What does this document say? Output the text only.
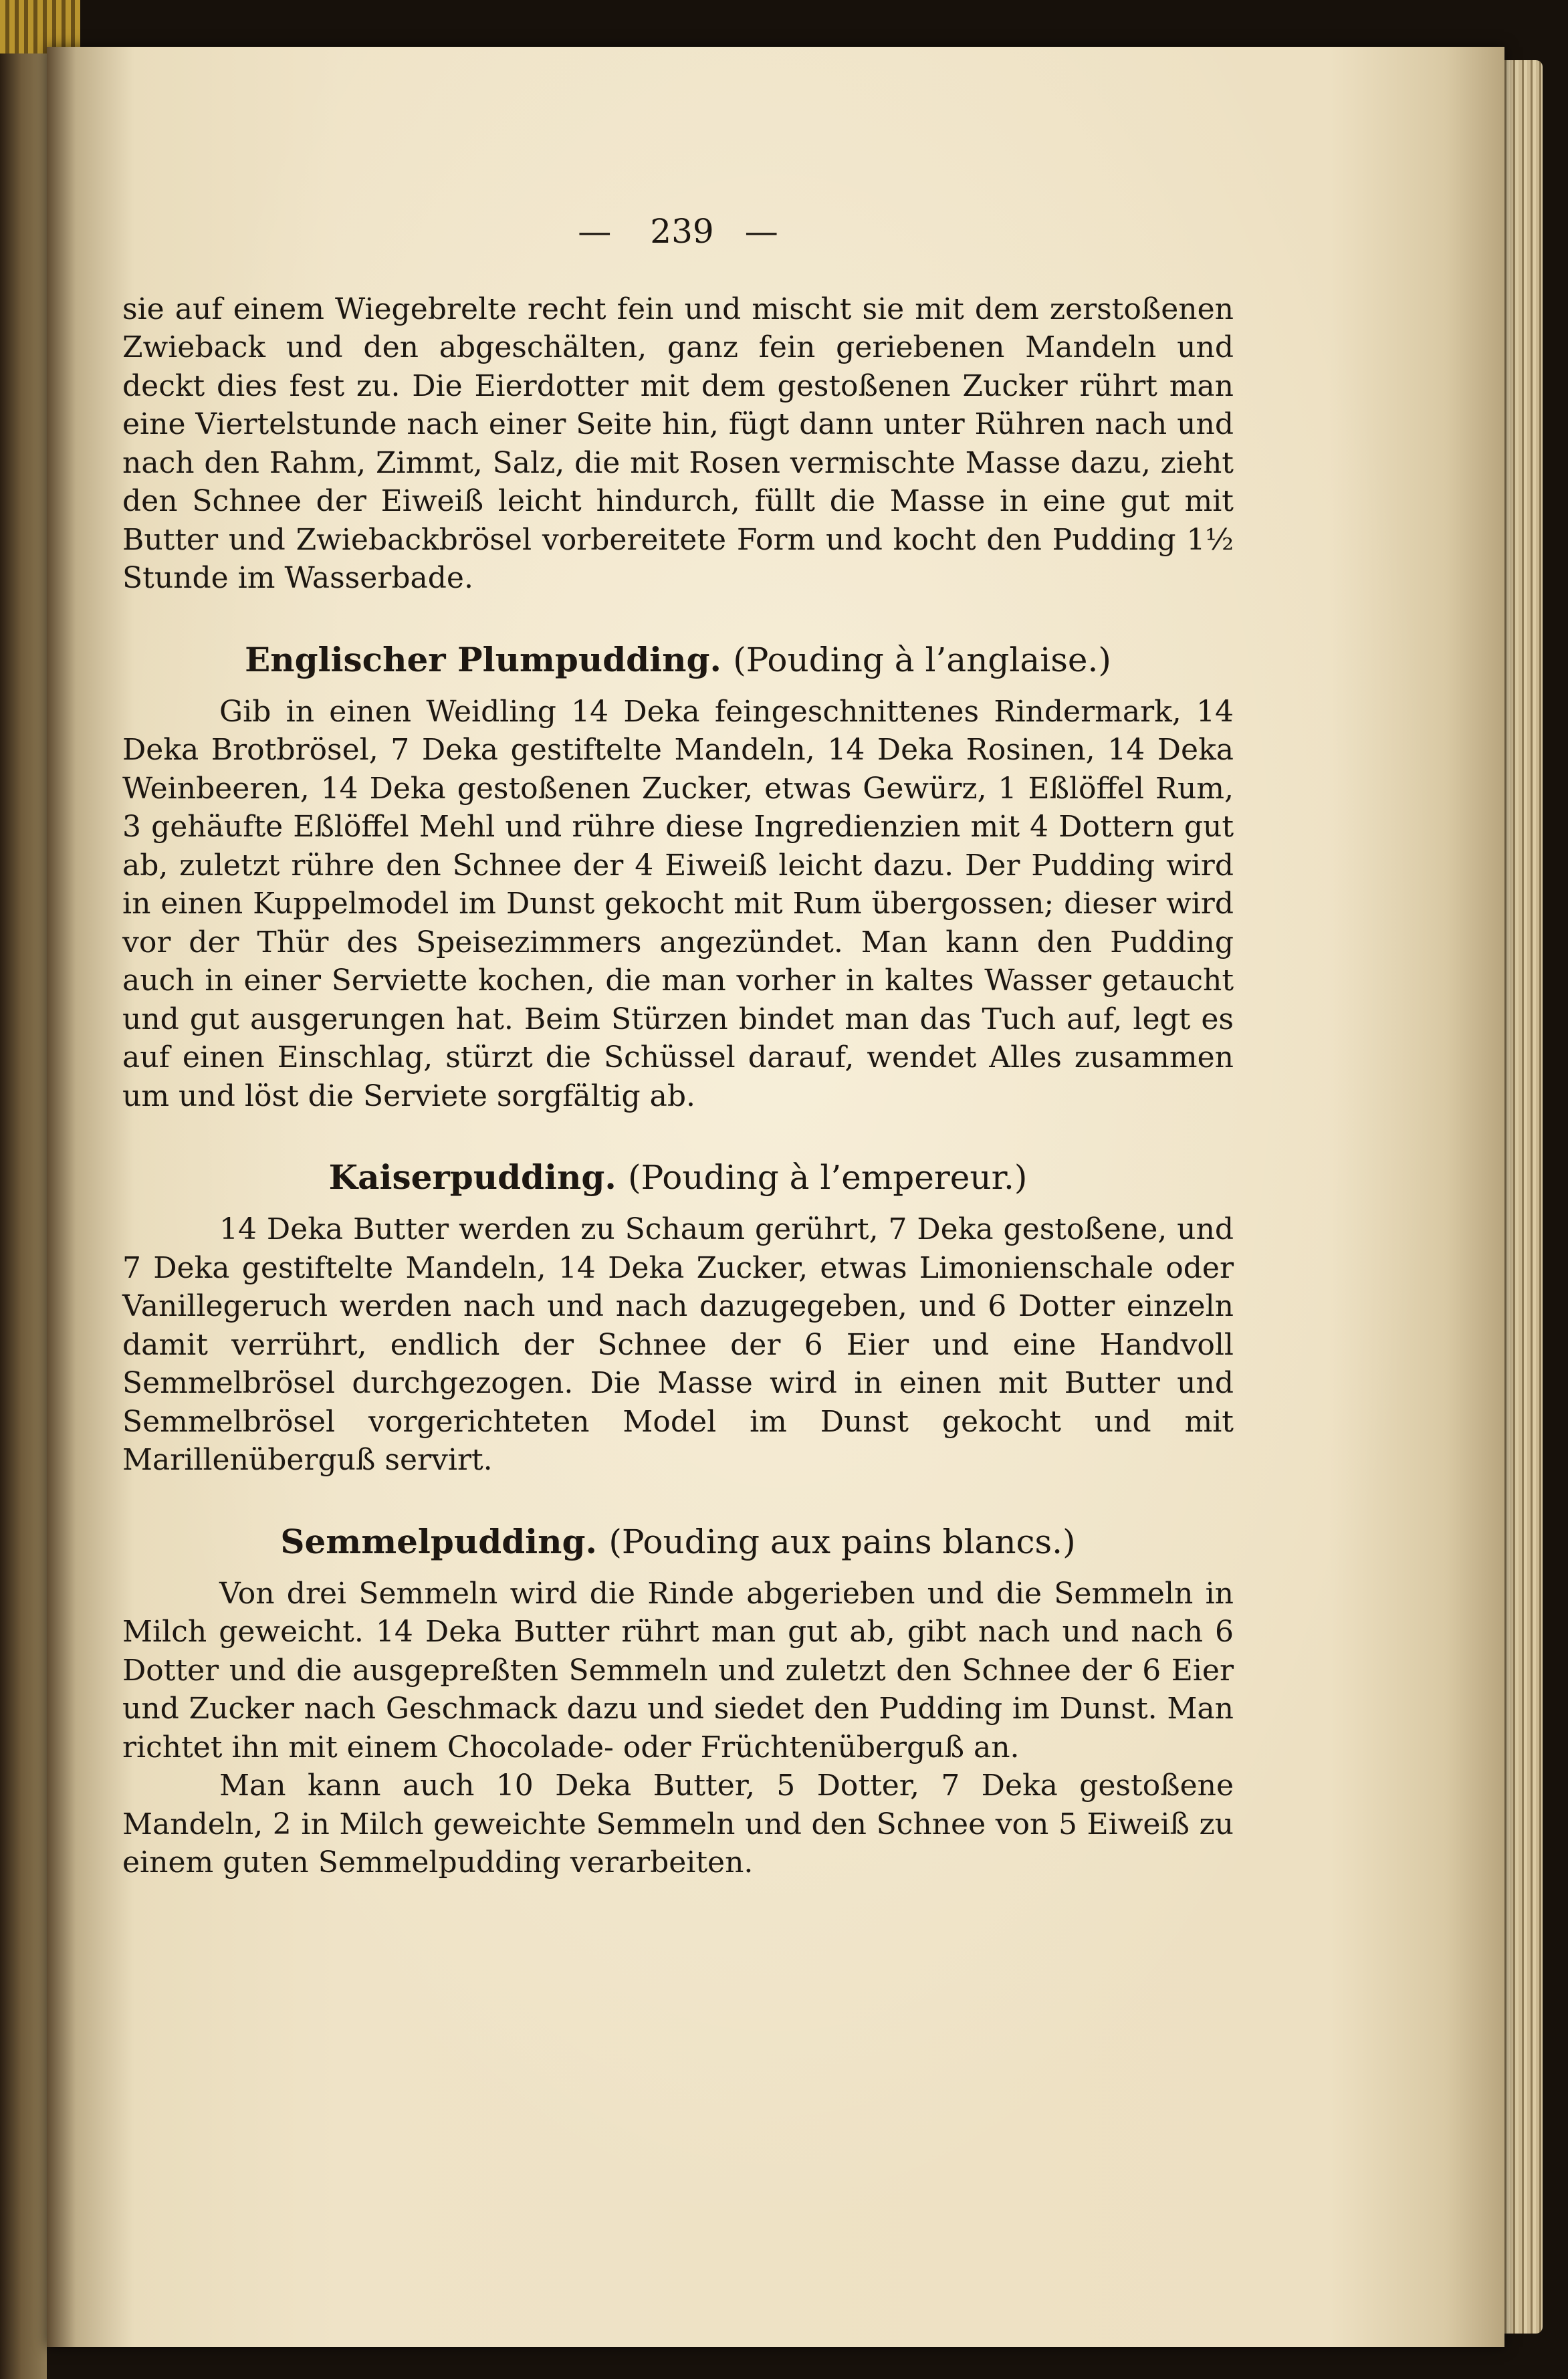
— 239 —

sie auf einem Wiegebrelte recht fein und mischt sie mit dem zerstoßenen Zwieback und den abgeschälten, ganz fein geriebenen Mandeln und deckt dies fest zu. Die Eierdotter mit dem gestoßenen Zucker rührt man eine Viertelstunde nach einer Seite hin, fügt dann unter Rühren nach und nach den Rahm, Zimmt, Salz, die mit Rosen vermischte Masse dazu, zieht den Schnee der Eiweiß leicht hindurch, füllt die Masse in eine gut mit Butter und Zwiebackbrösel vorbereitete Form und kocht den Pudding 1½ Stunde im Wasserbade.

Englischer Plumpudding. (Pouding à l’anglaise.)

Gib in einen Weidling 14 Deka feingeschnittenes Rindermark, 14 Deka Brotbrösel, 7 Deka gestiftelte Mandeln, 14 Deka Rosinen, 14 Deka Weinbeeren, 14 Deka gestoßenen Zucker, etwas Gewürz, 1 Eßlöffel Rum, 3 gehäufte Eßlöffel Mehl und rühre diese Ingredienzien mit 4 Dottern gut ab, zuletzt rühre den Schnee der 4 Eiweiß leicht dazu. Der Pudding wird in einen Kuppelmodel im Dunst gekocht mit Rum übergossen; dieser wird vor der Thür des Speisezimmers angezündet. Man kann den Pudding auch in einer Serviette kochen, die man vorher in kaltes Wasser getaucht und gut ausgerungen hat. Beim Stürzen bindet man das Tuch auf, legt es auf einen Einschlag, stürzt die Schüssel darauf, wendet Alles zusammen um und löst die Serviete sorgfältig ab.

Kaiserpudding. (Pouding à l’empereur.)

14 Deka Butter werden zu Schaum gerührt, 7 Deka gestoßene, und 7 Deka gestiftelte Mandeln, 14 Deka Zucker, etwas Limonienschale oder Vanillegeruch werden nach und nach dazugegeben, und 6 Dotter einzeln damit verrührt, endlich der Schnee der 6 Eier und eine Handvoll Semmelbrösel durchgezogen. Die Masse wird in einen mit Butter und Semmelbrösel vorgerichteten Model im Dunst gekocht und mit Marillenüberguß servirt.

Semmelpudding. (Pouding aux pains blancs.)

Von drei Semmeln wird die Rinde abgerieben und die Semmeln in Milch geweicht. 14 Deka Butter rührt man gut ab, gibt nach und nach 6 Dotter und die ausgepreßten Semmeln und zuletzt den Schnee der 6 Eier und Zucker nach Geschmack dazu und siedet den Pudding im Dunst. Man richtet ihn mit einem Chocolade- oder Früchtenüberguß an.

Man kann auch 10 Deka Butter, 5 Dotter, 7 Deka gestoßene Mandeln, 2 in Milch geweichte Semmeln und den Schnee von 5 Eiweiß zu einem guten Semmelpudding verarbeiten.
